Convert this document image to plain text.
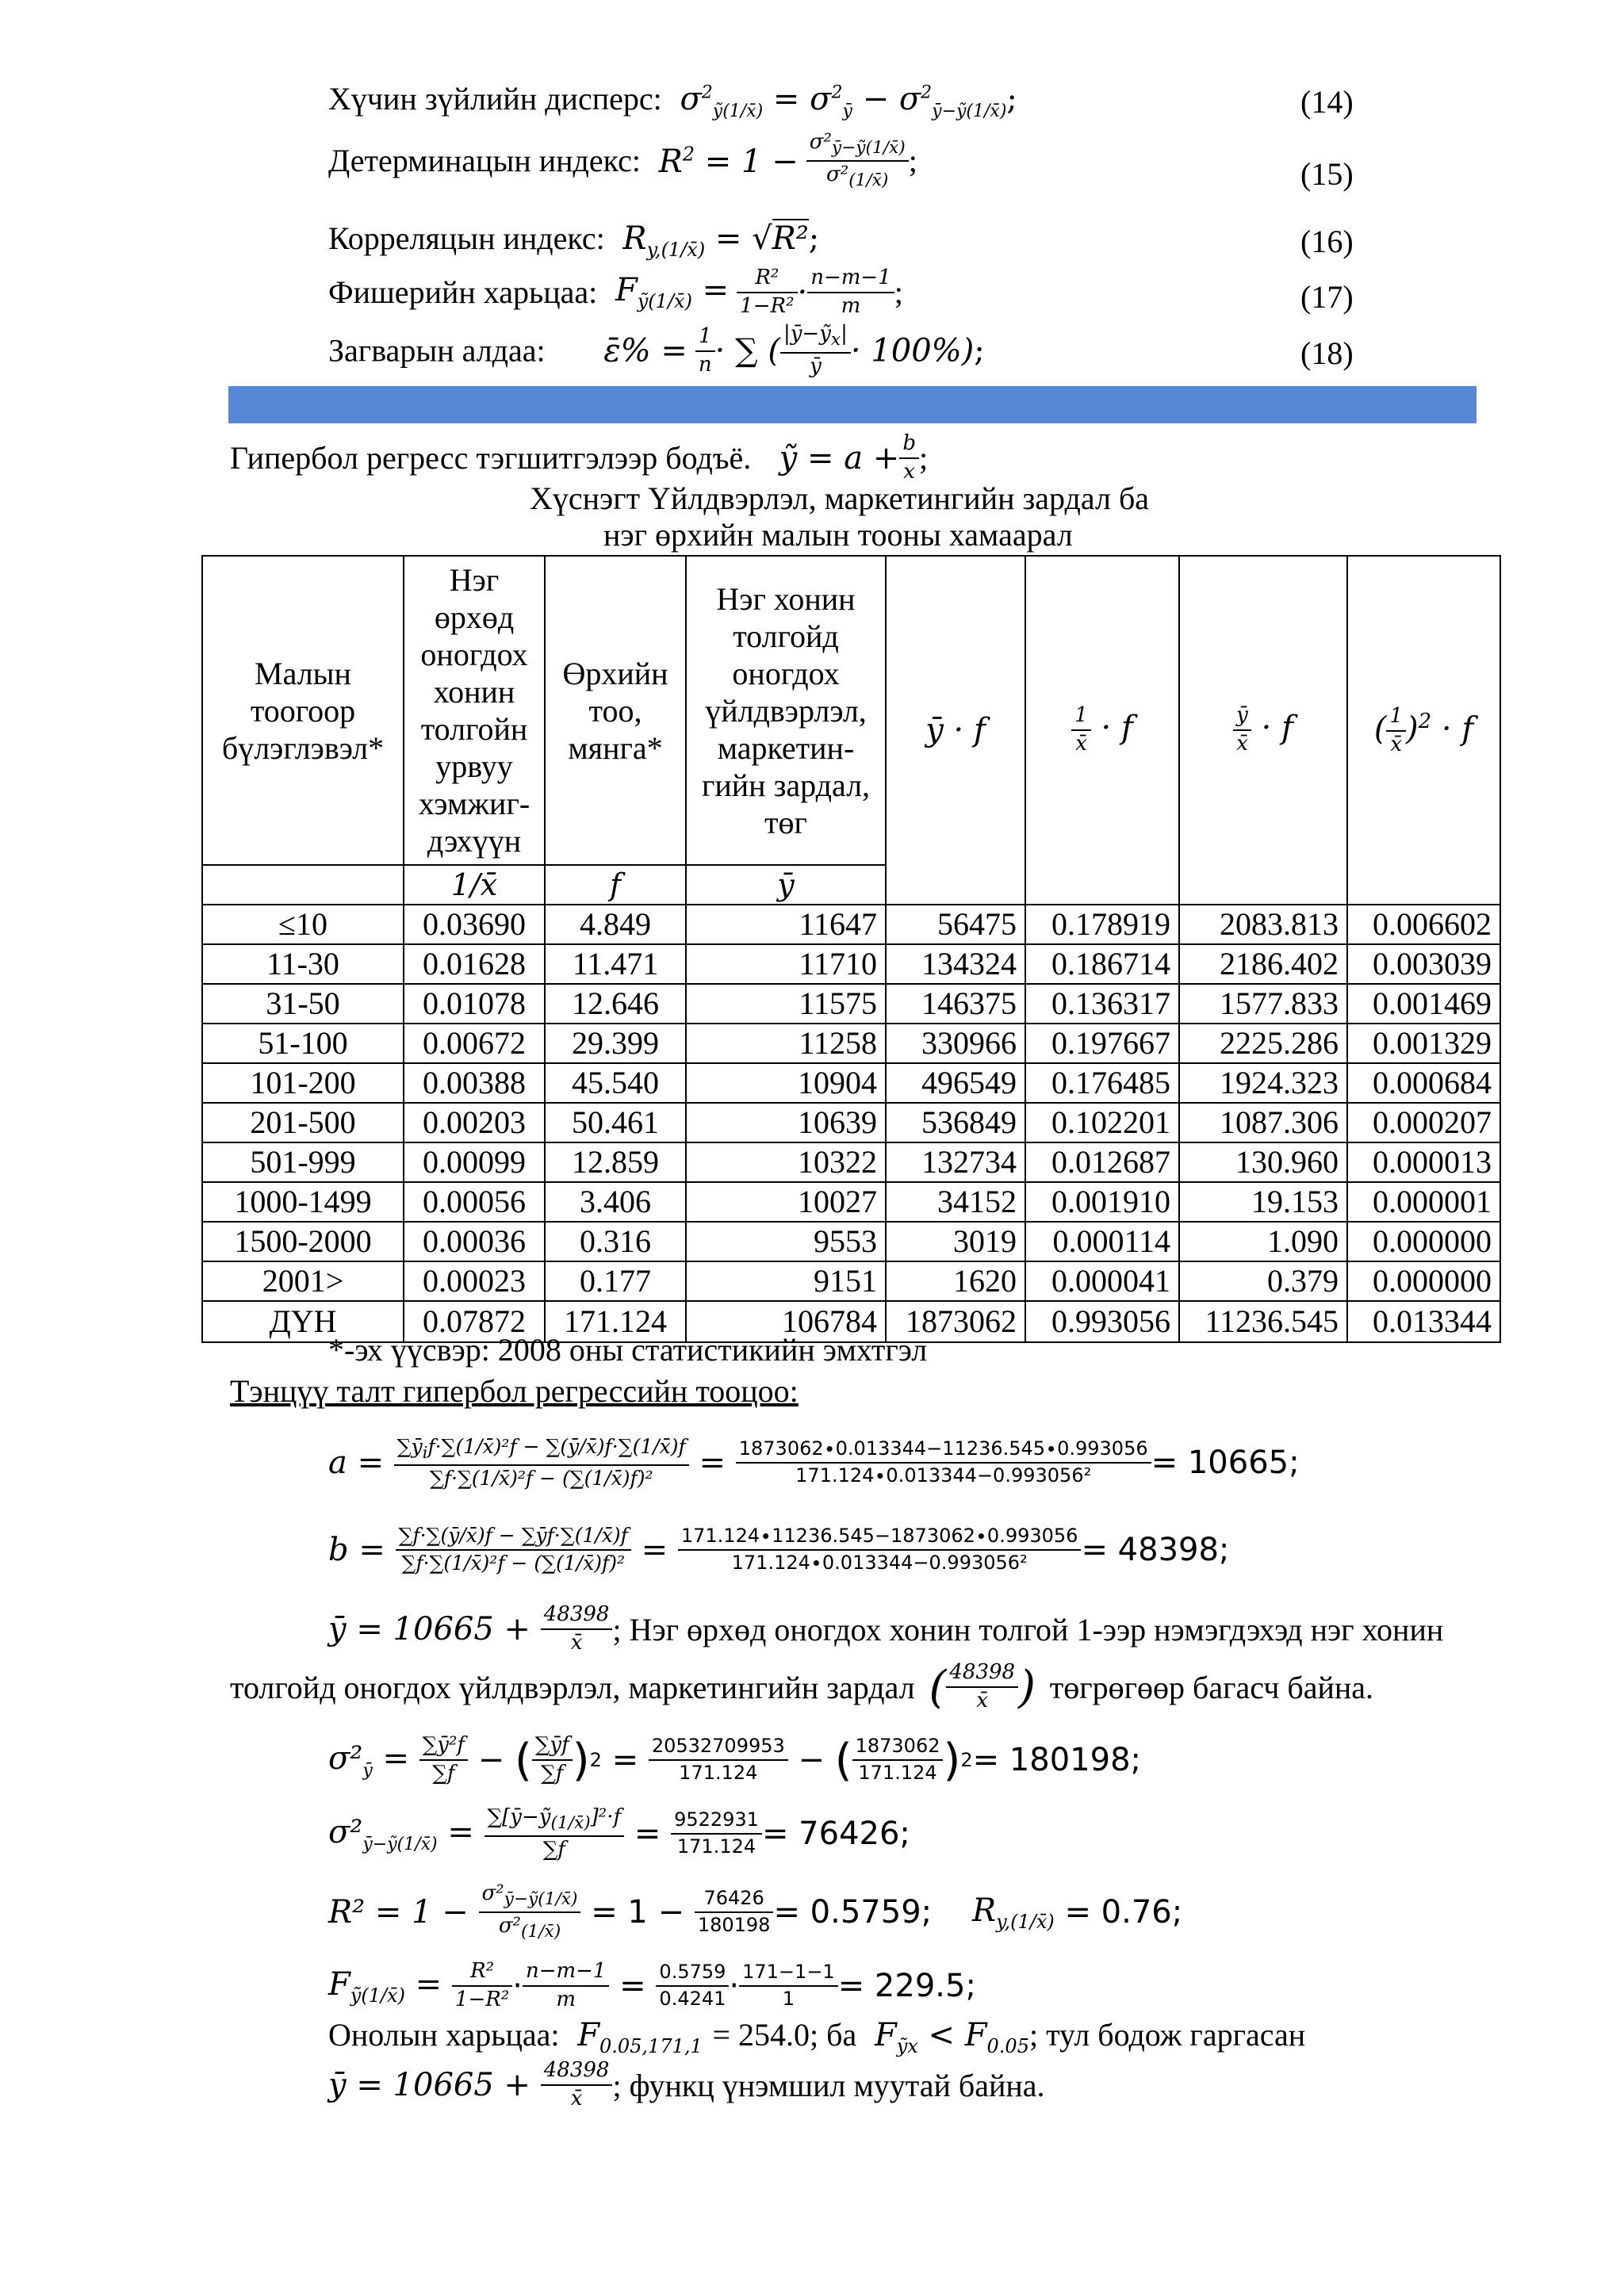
Хүчин зүйлийн дисперс:  $\sigma^2_{ỹ(1/x̄)} = \sigma^2_ȳ - \sigma^2_{ȳ-ỹ(1/x̄)}$;	(14)
Детерминацын индекс:  $R^2 = 1 - \frac{\sigma^2_{ȳ-ỹ(1/x̄)}}{\sigma^2_{(1/x̄)}}$ ;	(15)
Корреляцын индекс:  $R_{y,(1/x̄)} = √R^2$;	(16)
Фишерийн харьцаа:  $F_{ỹ(1/x̄)} = \frac{\text{R²}}{\text{1−R²}} \cdot \frac{n-m-1}{m}$ ;	(17)
Загварын алдаа:      ε̄% = $\frac{1}{n}$ · ∑ ( $\frac{|ȳ-ỹ_x|}{ȳ} \cdot 100\%$);	(18)
Гипербол регресс тэгшитгэлээр бодъё.   ỹ = $a + \frac{b}{x}$ ;
Хүснэгт Үйлдвэрлэл, маркетингийн зардал ба
нэг өрхийн малын тооны хамаарал
Малын тоогоор бүлэглэвэл*	Нэг өрхөд оногдох хонин толгойн урвуу хэмжиг-дэхүүн	Өрхийн тоо, мянга*	Нэг хонин толгойд оногдох үйлдвэрлэл, маркетин-гийн зардал, төг	ȳ · f	$\frac{1}{x̄} \cdot f$	$\frac{ȳ}{x̄} \cdot f$	( $\frac{1}{x̄} )^2 \cdot f$
	1/x̄	f	ȳ				
≤10	0.03690	4.849	11647	56475	0.178919	2083.813	0.006602
11-30	0.01628	11.471	11710	134324	0.186714	2186.402	0.003039
31-50	0.01078	12.646	11575	146375	0.136317	1577.833	0.001469
51-100	0.00672	29.399	11258	330966	0.197667	2225.286	0.001329
101-200	0.00388	45.540	10904	496549	0.176485	1924.323	0.000684
201-500	0.00203	50.461	10639	536849	0.102201	1087.306	0.000207
501-999	0.00099	12.859	10322	132734	0.012687	130.960	0.000013
1000-1499	0.00056	3.406	10027	34152	0.001910	19.153	0.000001
1500-2000	0.00036	0.316	9553	3019	0.000114	1.090	0.000000
2001>	0.00023	0.177	9151	1620	0.000041	0.379	0.000000
ДҮН	0.07872	171.124	106784	1873062	0.993056	11236.545	0.013344
*-эх үүсвэр: 2008 оны статистикийн эмхтгэл
Тэнцүү талт гипербол регрессийн тооцоо:
$a = \sum ȳ_if\cdot\sum(1/x̄)^2f$ − ∑(ȳ/x̄)f·∑(1/x̄)f
∑f·∑(1/x̄)²f − (∑(1/x̄)f)²	= $\frac{1873062\cdot 0.013344-11236.545\cdot 0.993056}{\text{171.124∙0.013344−0.993056²}} = 10665$;
$b = \frac{\sum f\cdot\sum(ȳ/x̄)f - \sum ȳf\cdot\sum(1/x̄)f}{\text{∑f·∑(1/x̄)²f − (∑(1/x̄)f)²}} = \frac{171.124\cdot 11236.545-1873062\cdot 0.993056}{\text{171.124∙0.013344−0.993056²}} = 48398$;
ȳ = $10665 + \frac{48398}{x̄}$ ; Нэг өрхөд оногдох хонин толгой 1-ээр нэмэгдэхэд нэг хонин
толгойд оногдох үйлдвэрлэл, маркетингийн зардал ( 48398
x̄ ) төгрөгөөр багасч байна.
$\sigma^2_ȳ = \frac{\text{∑ȳ²f}}{\sum f}$ − ( ∑ȳf
∑f ) $2 = \frac{20532709953}{171.124}$ − ( $\frac{1873062}{171.124}$ ) 2 = 180198;
$\sigma^2_{ȳ-ỹ(1/x̄)} = \frac{\sum[ȳ-ỹ_{(1/x̄)}]^2\cdot f}{\sum f} = \frac{9522931}{171.124} = 76426$;
$R^2 = 1 - \frac{\sigma^2_{ȳ-ỹ(1/x̄)}}{\sigma^2_{(1/x̄)}} = 1 - \frac{76426}{180198} = 0.5759$; $R_{y,(1/x̄)} = 0.76$;
$F_{ỹ(1/x̄)} = \frac{\text{R²}}{\text{1−R²}} \cdot \frac{n-m-1}{m} = \frac{0.5759}{0.4241} \cdot \frac{171-1-1}{1} = 229.5$;
Онолын харьцаа:  $F_{0.05,171,1} = 254.0$; ба  $F_{ỹx} < F_{0.05}$; тул бодож гаргасан
ȳ = $10665 + \frac{48398}{x̄}$ ; функц үнэмшил муутай байна.
